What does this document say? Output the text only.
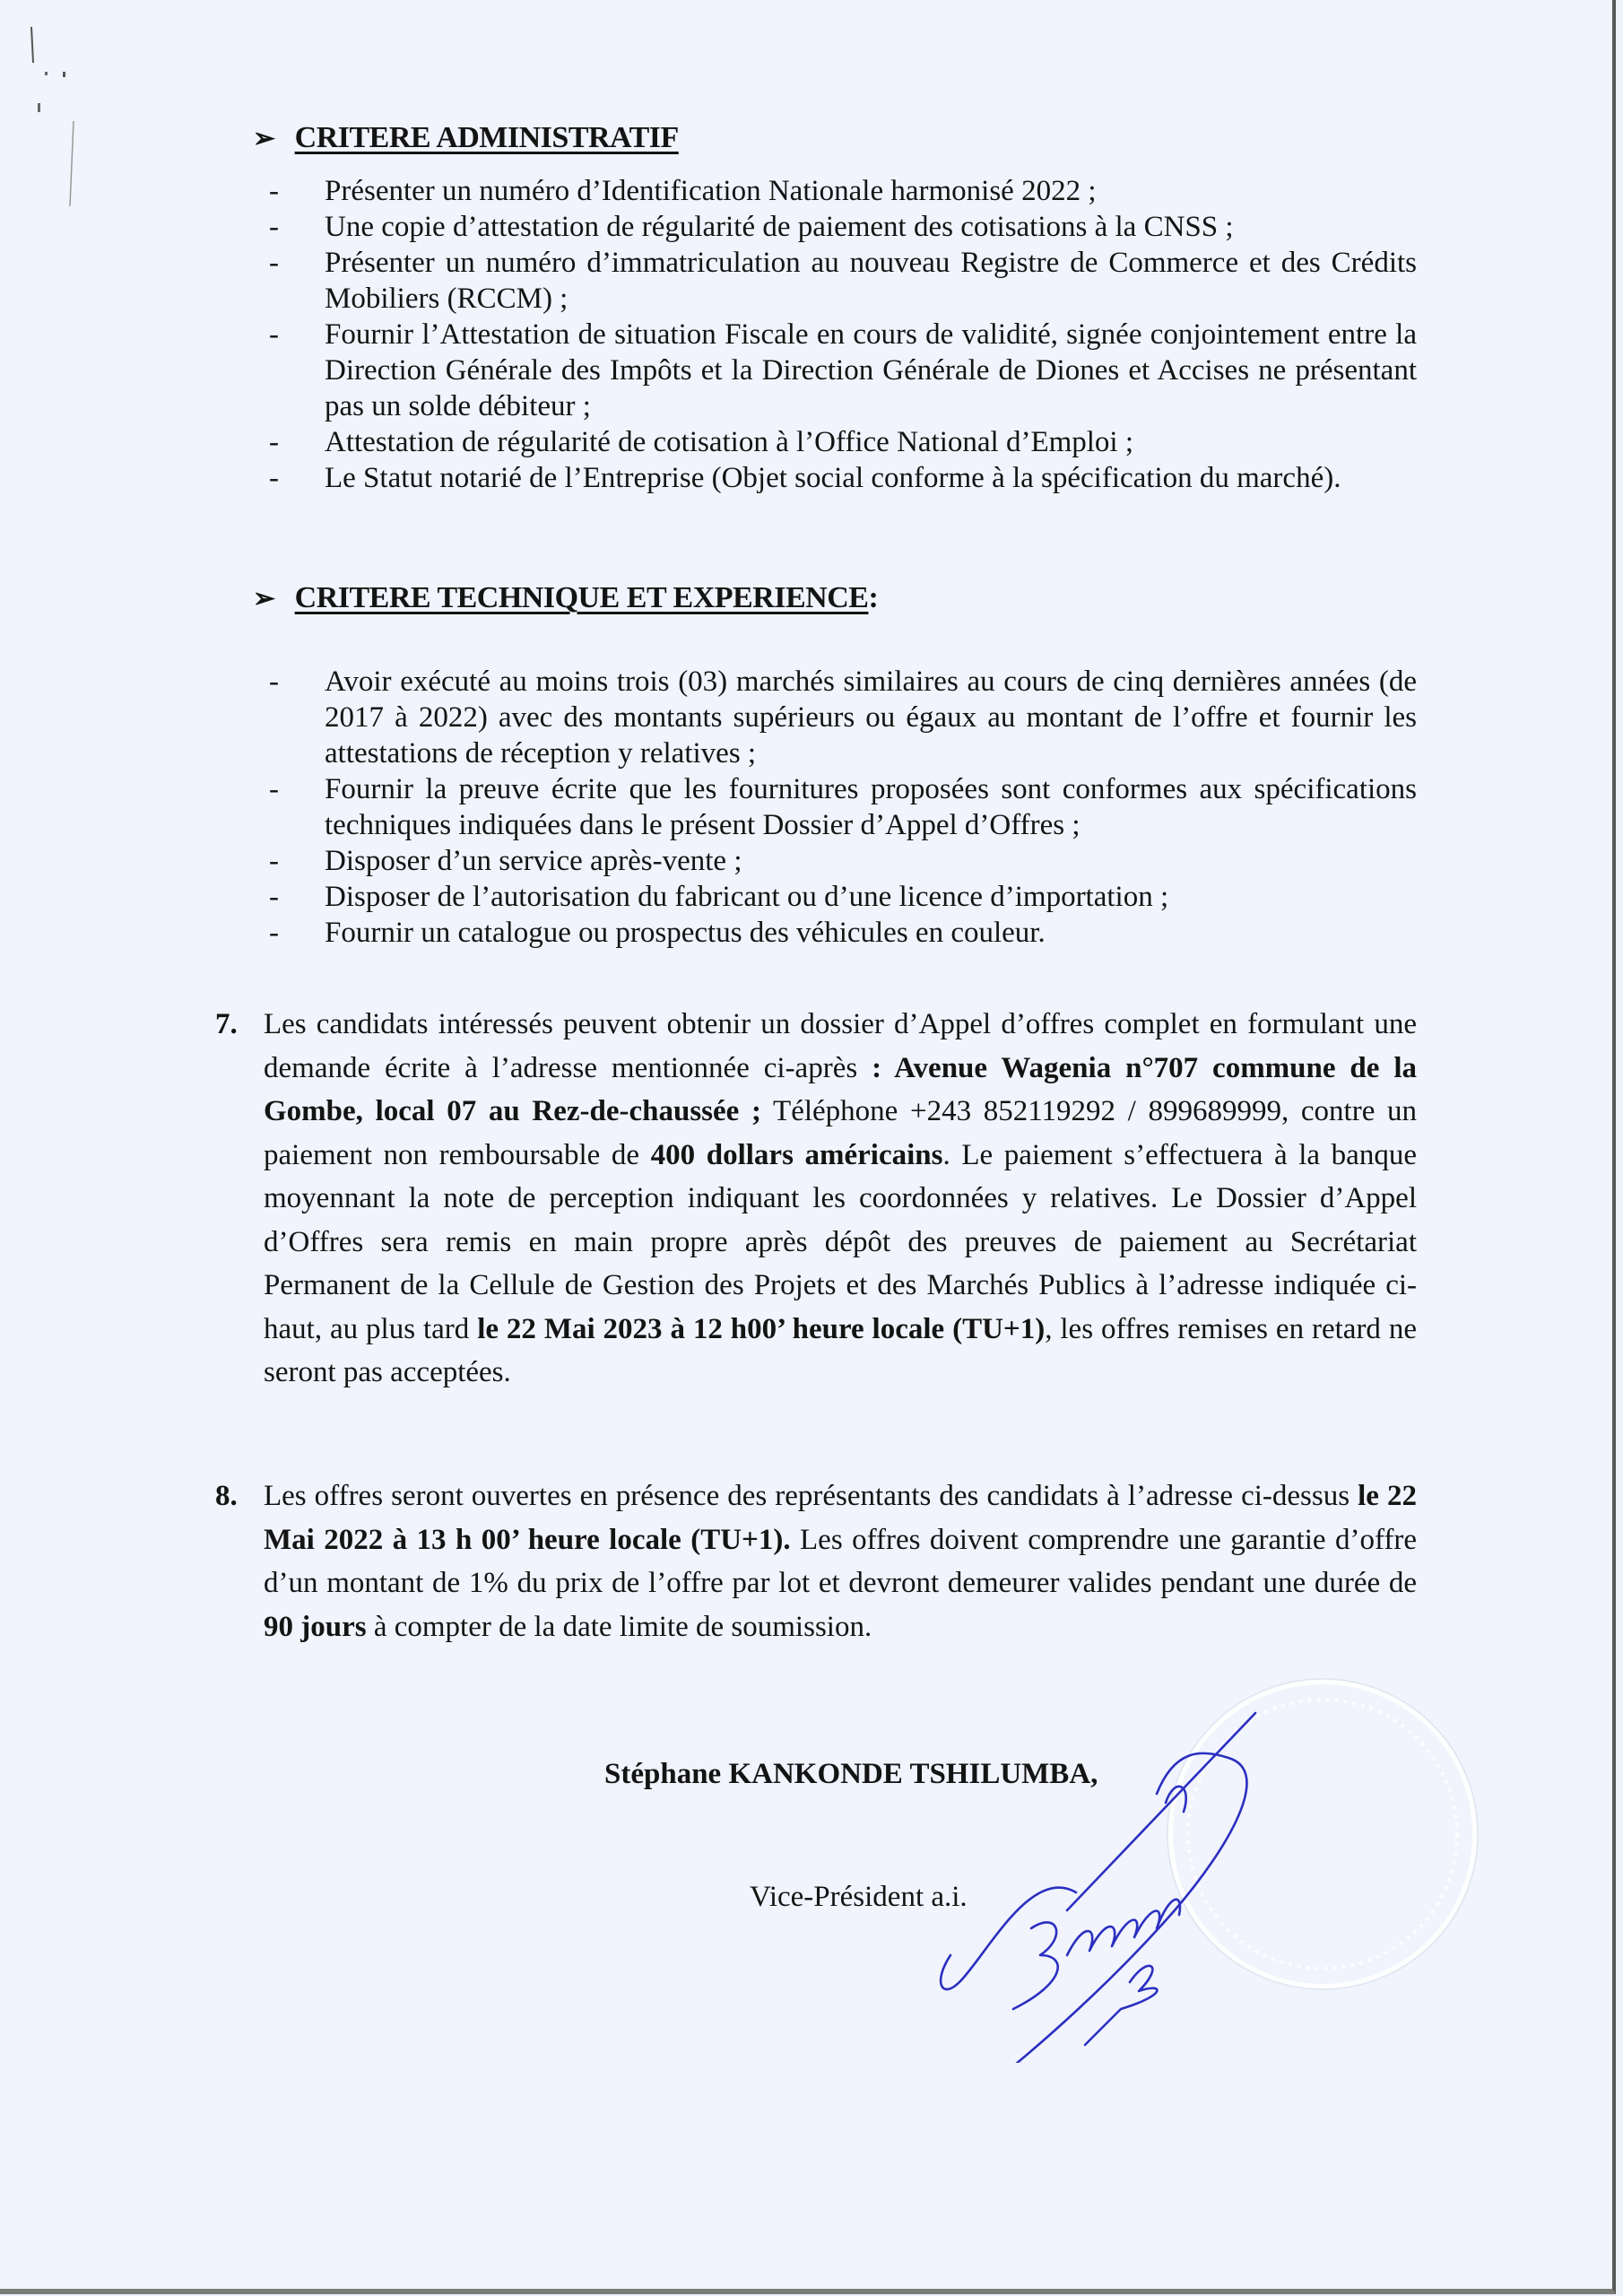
➢ CRITERE ADMINISTRATIF
- Présenter un numéro d’Identification Nationale harmonisé 2022 ;
- Une copie d’attestation de régularité de paiement des cotisations à la CNSS ;
- Présenter un numéro d’immatriculation au nouveau Registre de Commerce et des Crédits Mobiliers (RCCM) ;
- Fournir l’Attestation de situation Fiscale en cours de validité, signée conjointement entre la Direction Générale des Impôts et la Direction Générale de Diones et Accises ne présentant pas un solde débiteur ;
- Attestation de régularité de cotisation à l’Office National d’Emploi ;
- Le Statut notarié de l’Entreprise (Objet social conforme à la spécification du marché).
➢ CRITERE TECHNIQUE ET EXPERIENCE :
- Avoir exécuté au moins trois (03) marchés similaires au cours de cinq dernières années (de 2017 à 2022) avec des montants supérieurs ou égaux au montant de l’offre et fournir les attestations de réception y relatives ;
- Fournir la preuve écrite que les fournitures proposées sont conformes aux spécifications techniques indiquées dans le présent Dossier d’Appel d’Offres ;
- Disposer d’un service après-vente ;
- Disposer de l’autorisation du fabricant ou d’une licence d’importation ;
- Fournir un catalogue ou prospectus des véhicules en couleur.
7. Les candidats intéressés peuvent obtenir un dossier d’Appel d’offres complet en formulant une demande écrite à l’adresse mentionnée ci-après : Avenue Wagenia n°707 commune de la Gombe, local 07 au Rez-de-chaussée ; Téléphone +243 852119292 / 899689999, contre un paiement non remboursable de 400 dollars américains. Le paiement s’effectuera à la banque moyennant la note de perception indiquant les coordonnées y relatives. Le Dossier d’Appel d’Offres sera remis en main propre après dépôt des preuves de paiement au Secrétariat Permanent de la Cellule de Gestion des Projets et des Marchés Publics à l’adresse indiquée ci-haut, au plus tard le 22 Mai 2023 à 12 h00’ heure locale (TU+1), les offres remises en retard ne seront pas acceptées.
8. Les offres seront ouvertes en présence des représentants des candidats à l’adresse ci-dessus le 22 Mai 2022 à 13 h 00’ heure locale (TU+1). Les offres doivent comprendre une garantie d’offre d’un montant de 1% du prix de l’offre par lot et devront demeurer valides pendant une durée de 90 jours à compter de la date limite de soumission.
Stéphane KANKONDE TSHILUMBA,
Vice-Président a.i.
